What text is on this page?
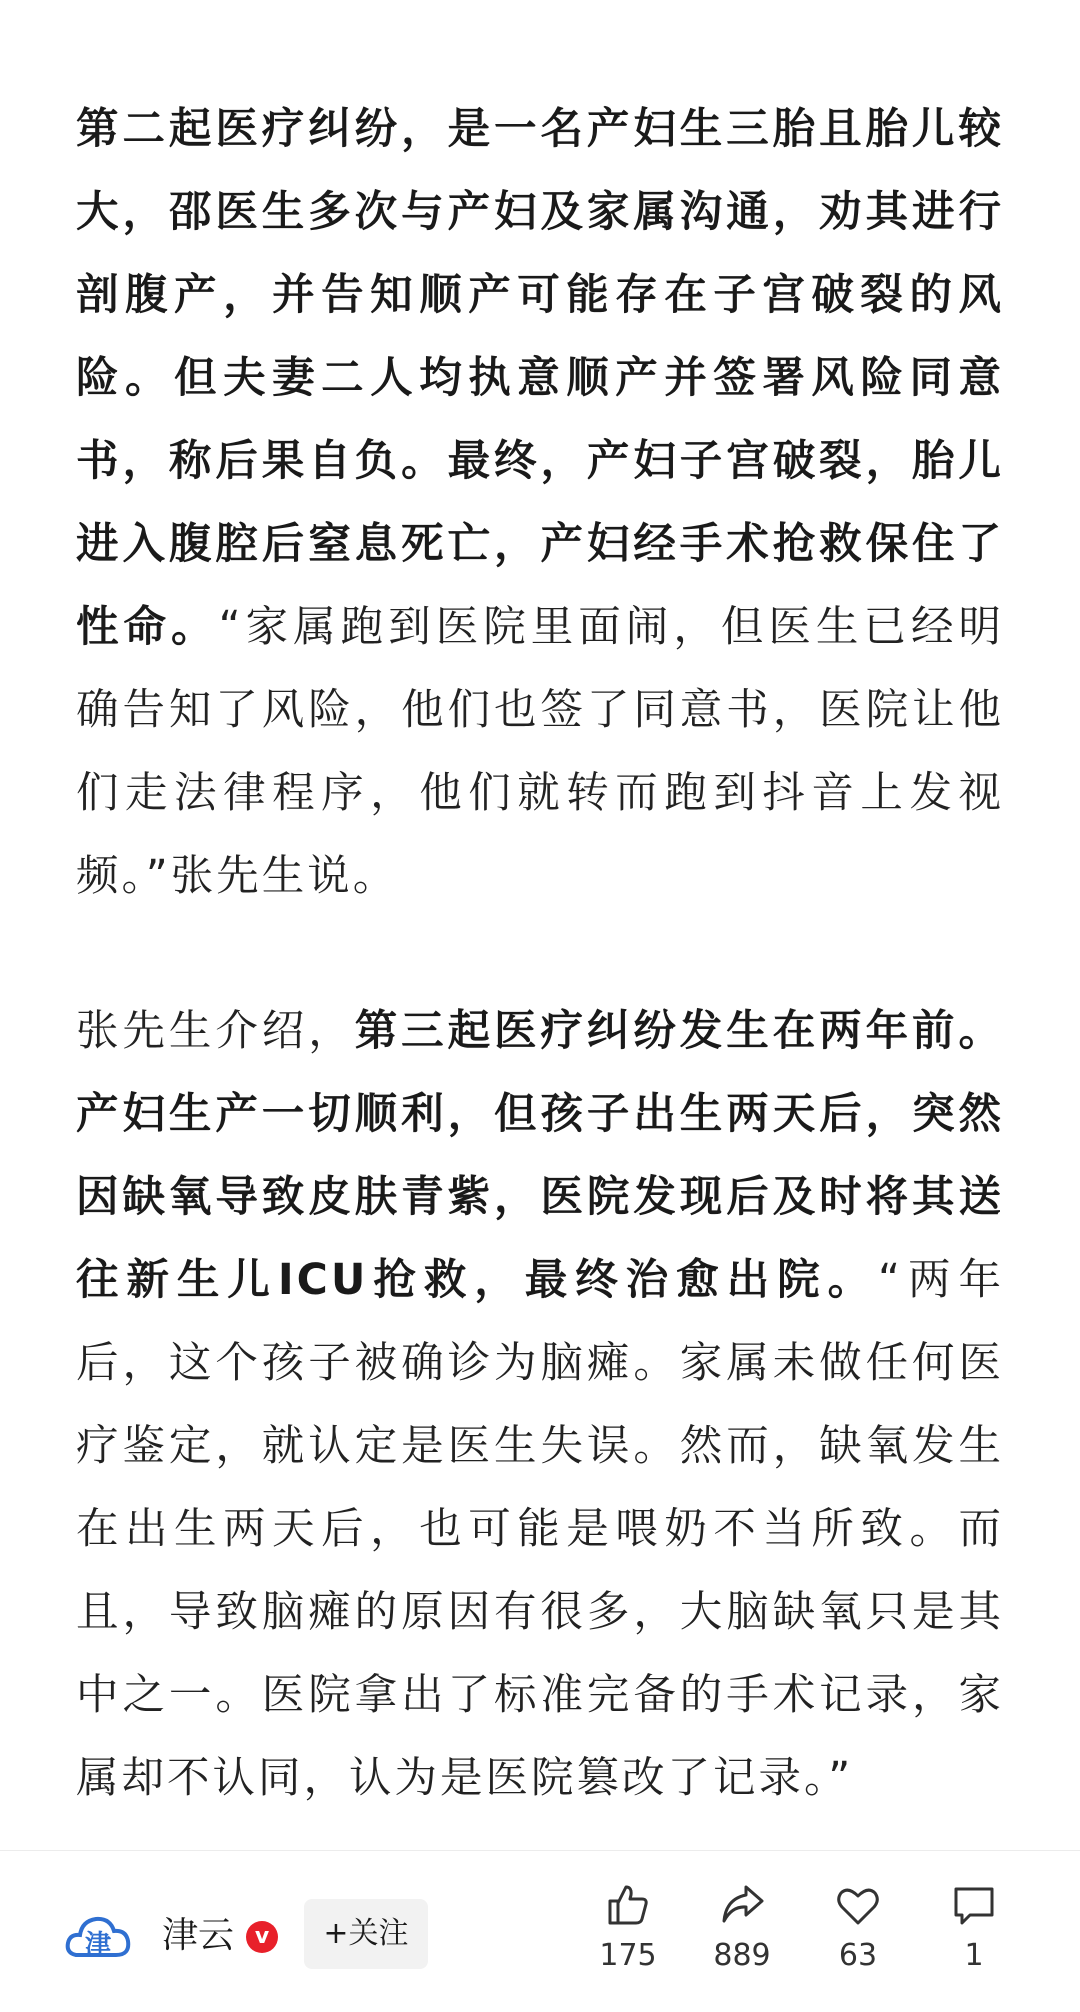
第二起医疗纠纷，是一名产妇生三胎且胎儿较大，邵医生多次与产妇及家属沟通，劝其进行剖腹产，并告知顺产可能存在子宫破裂的风险。但夫妻二人均执意顺产并签署风险同意书，称后果自负。最终，产妇子宫破裂，胎儿进入腹腔后窒息死亡，产妇经手术抢救保住了性命。“家属跑到医院里面闹，但医生已经明确告知了风险，他们也签了同意书，医院让他们走法律程序，他们就转而跑到抖音上发视频。”张先生说。

张先生介绍，第三起医疗纠纷发生在两年前。产妇生产一切顺利，但孩子出生两天后，突然因缺氧导致皮肤青紫，医院发现后及时将其送往新生儿ICU抢救，最终治愈出院。“两年后，这个孩子被确诊为脑瘫。家属未做任何医疗鉴定，就认定是医生失误。然而，缺氧发生在出生两天后，也可能是喂奶不当所致。而且，导致脑瘫的原因有很多，大脑缺氧只是其中之一。医院拿出了标准完备的手术记录，家属却不认同，认为是医院篡改了记录。”

津 津云 v	+关注
175	889	63	1
